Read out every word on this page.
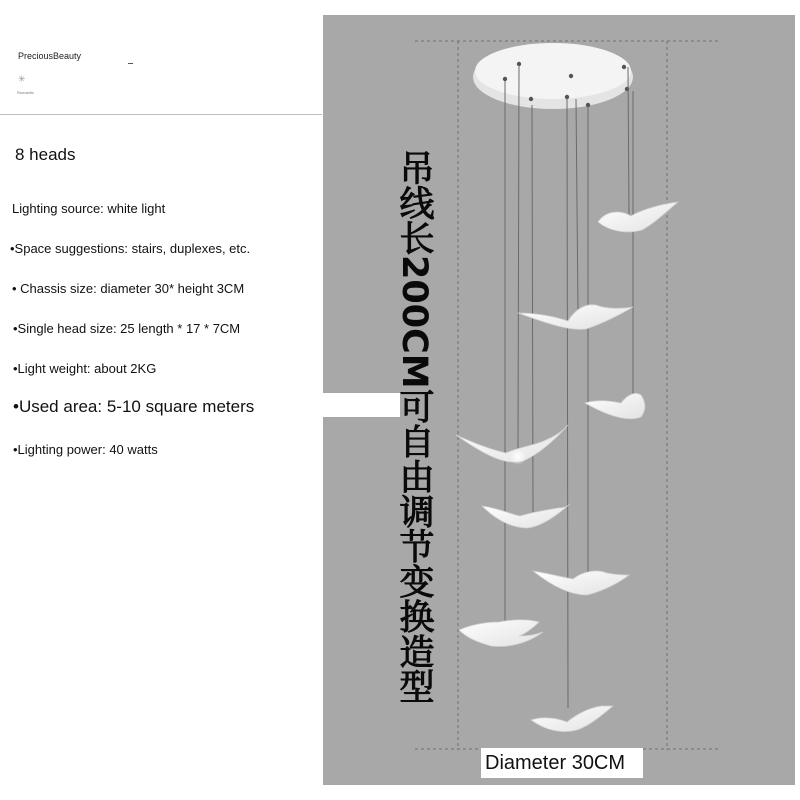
PreciousBeauty
✳
Romantic
8 heads
Lighting source: white light
•Space suggestions: stairs, duplexes, etc.
• Chassis size: diameter 30* height 3CM
•Single head size: 25 length * 17 * 7CM
•Light weight: about 2KG
•Used area: 5-10 square meters
•Lighting power: 40 watts	吊线长200CM可自由调节变换造型
Diameter 30CM
